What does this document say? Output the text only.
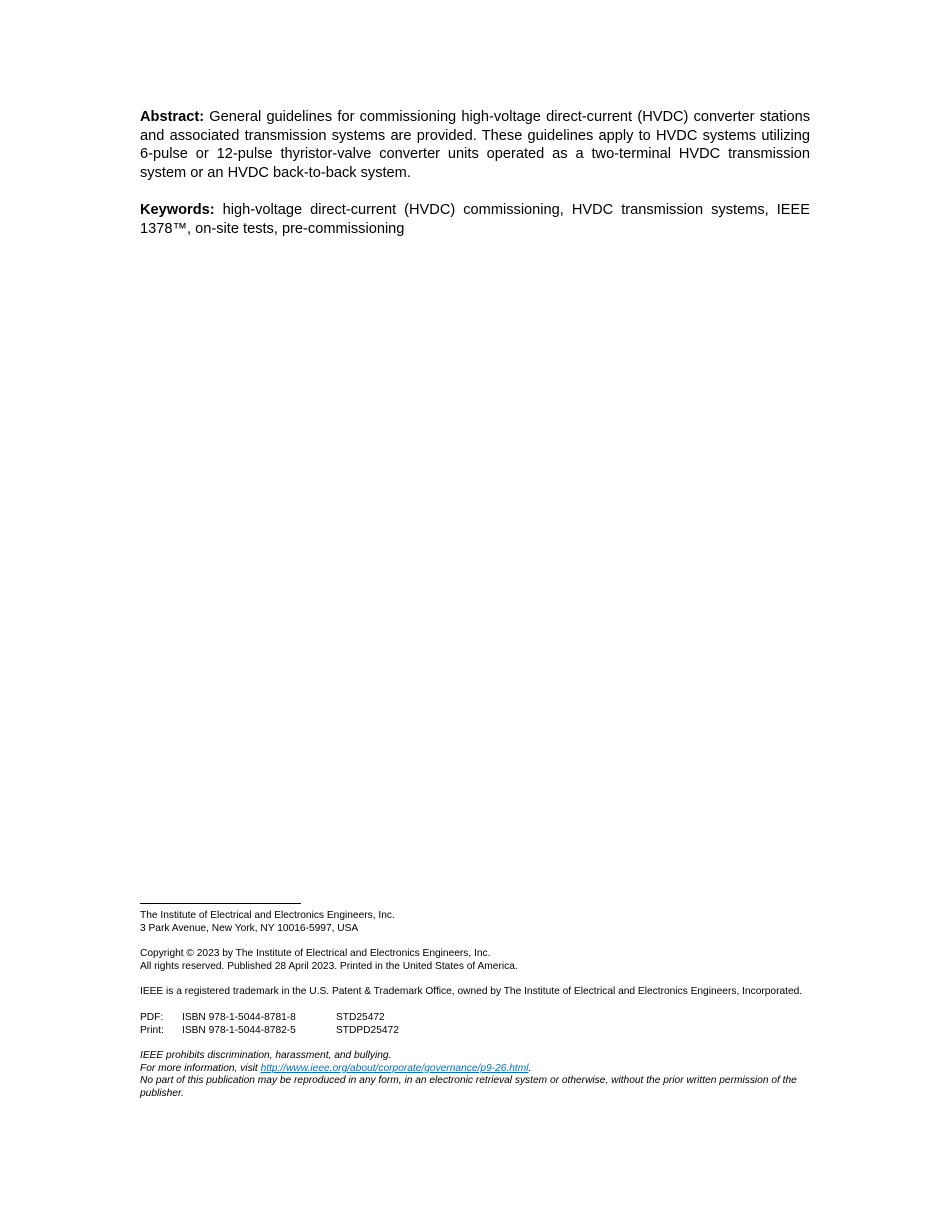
Abstract: General guidelines for commissioning high-voltage direct-current (HVDC) converter stations and associated transmission systems are provided. These guidelines apply to HVDC systems utilizing 6-pulse or 12-pulse thyristor-valve converter units operated as a two-terminal HVDC transmission system or an HVDC back-to-back system.

Keywords: high-voltage direct-current (HVDC) commissioning, HVDC transmission systems, IEEE 1378™, on-site tests, pre-commissioning

The Institute of Electrical and Electronics Engineers, Inc.
3 Park Avenue, New York, NY 10016-5997, USA
Copyright © 2023 by The Institute of Electrical and Electronics Engineers, Inc.
All rights reserved. Published 28 April 2023. Printed in the United States of America.
IEEE is a registered trademark in the U.S. Patent & Trademark Office, owned by The Institute of Electrical and Electronics Engineers, Incorporated.
PDF:	ISBN 978-1-5044-8781-8	STD25472
Print:	ISBN 978-1-5044-8782-5	STDPD25472
IEEE prohibits discrimination, harassment, and bullying.
For more information, visit http://www.ieee.org/about/corporate/governance/p9-26.html.
No part of this publication may be reproduced in any form, in an electronic retrieval system or otherwise, without the prior written permission of the publisher.
